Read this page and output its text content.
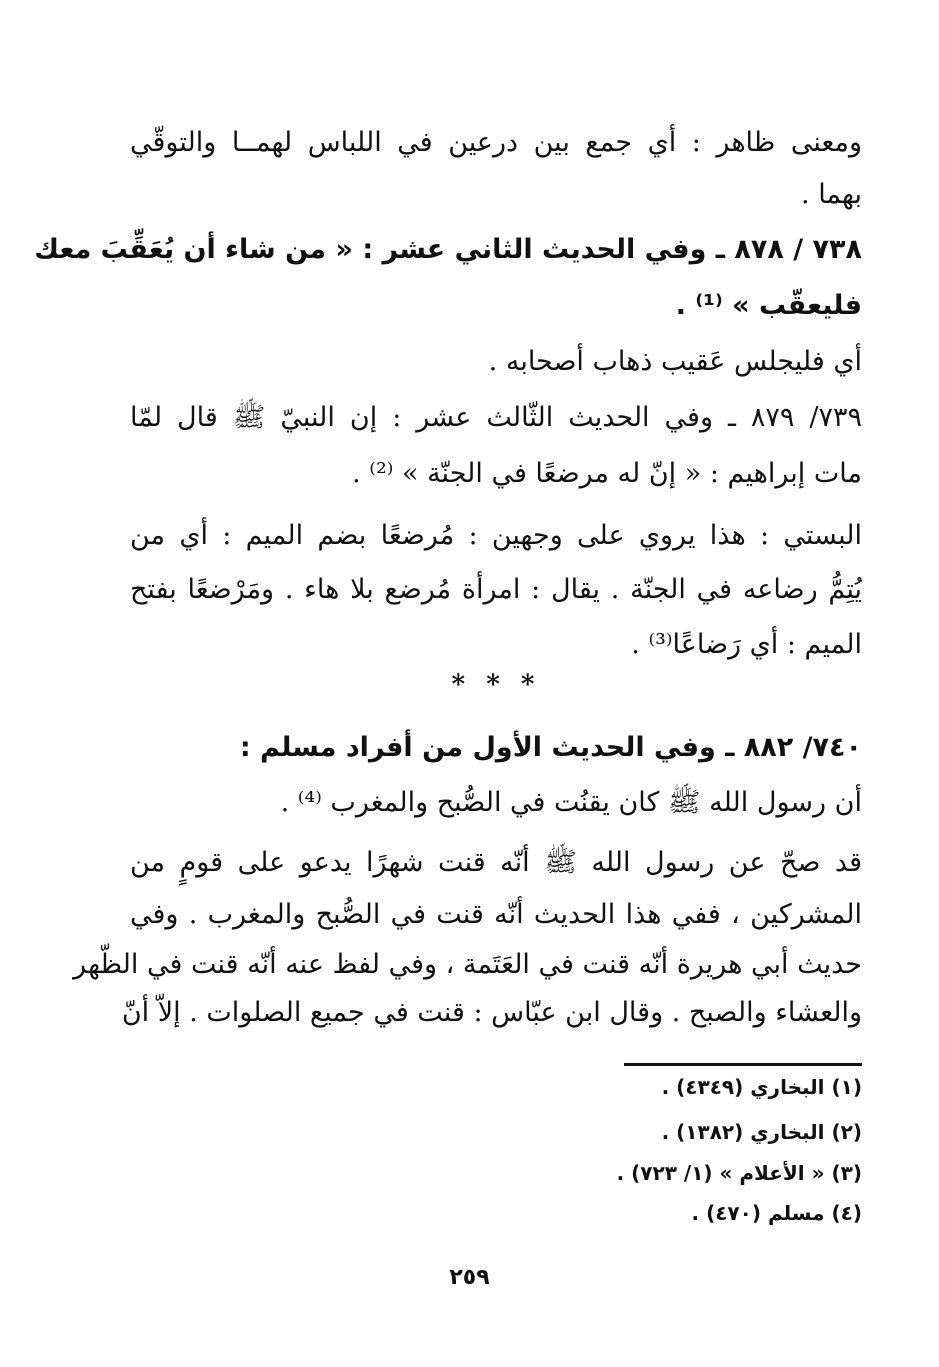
ومعنى ظاهر : أي جمع بين درعين في اللباس لهمــا والتوقّي
بهما .
٧٣٨ / ٨٧٨ ـ وفي الحديث الثاني عشر : « من شاء أن يُعَقِّبَ معك
فليعقّب » ⁽¹⁾ .
أي فليجلس عَقيب ذهاب أصحابه .
٧٣٩/ ٨٧٩ ـ وفي الحديث الثّالث عشر : إن النبيّ ﷺ قال لمّا
مات إبراهيم : « إنّ له مرضعًا في الجنّة » ⁽²⁾ .
البستي : هذا يروي على وجهين : مُرضعًا بضم الميم : أي من
يُتِمُّ رضاعه في الجنّة . يقال : امرأة مُرضع بلا هاء . ومَرْضعًا بفتح
الميم : أي رَضاعًا⁽³⁾ .
* * *
٧٤٠/ ٨٨٢ ـ وفي الحديث الأول من أفراد مسلم :
أن رسول الله ﷺ كان يقنُت في الصُّبح والمغرب ⁽⁴⁾ .
قد صحّ عن رسول الله ﷺ أنّه قنت شهرًا يدعو على قومٍ من
المشركين ، ففي هذا الحديث أنّه قنت في الصُّبح والمغرب . وفي
حديث أبي هريرة أنّه قنت في العَتَمة ، وفي لفظ عنه أنّه قنت في الظّهر
والعشاء والصبح . وقال ابن عبّاس : قنت في جميع الصلوات . إلاّ أنّ
(١) البخاري (٤٣٤٩) .
(٢) البخاري (١٣٨٢) .
(٣) « الأعلام » (١/ ٧٢٣) .
(٤) مسلم (٤٧٠) .
٢٥٩
